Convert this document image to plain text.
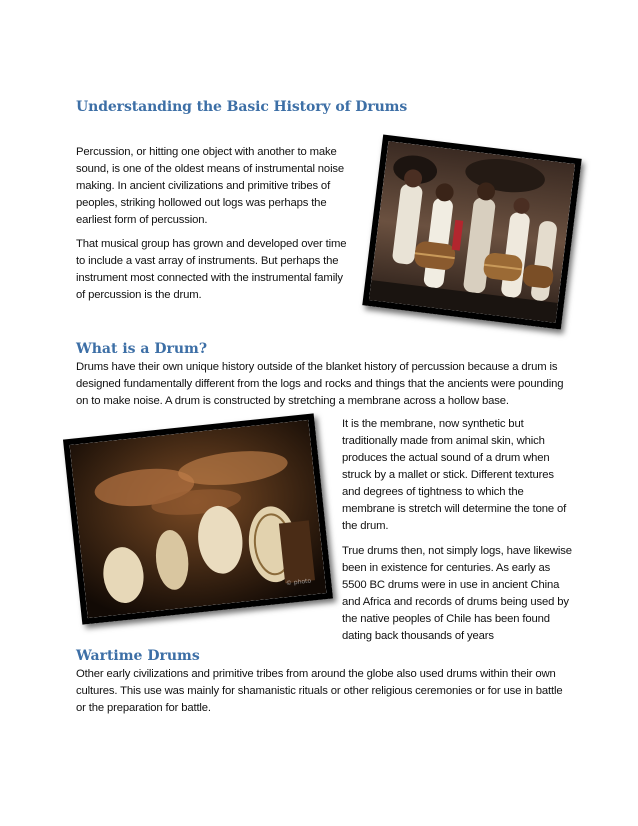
Understanding the Basic History of Drums

Percussion, or hitting one object with another to make sound, is one of the oldest means of instrumental noise making. In ancient civilizations and primitive tribes of peoples, striking hollowed out logs was perhaps the earliest form of percussion.

That musical group has grown and developed over time to include a vast array of instruments. But perhaps the instrument most connected with the instrumental family of percussion is the drum.

What is a Drum?

Drums have their own unique history outside of the blanket history of percussion because a drum is designed fundamentally different from the logs and rocks and things that the ancients were pounding on to make noise. A drum is constructed by stretching a membrane across a hollow base.

© photo

It is the membrane, now synthetic but traditionally made from animal skin, which produces the actual sound of a drum when struck by a mallet or stick. Different textures and degrees of tightness to which the membrane is stretch will determine the tone of the drum.

True drums then, not simply logs, have likewise been in existence for centuries. As early as 5500 BC drums were in use in ancient China and Africa and records of drums being used by the native peoples of Chile has been found dating back thousands of years

Wartime Drums

Other early civilizations and primitive tribes from around the globe also used drums within their own cultures. This use was mainly for shamanistic rituals or other religious ceremonies or for use in battle or the preparation for battle.
